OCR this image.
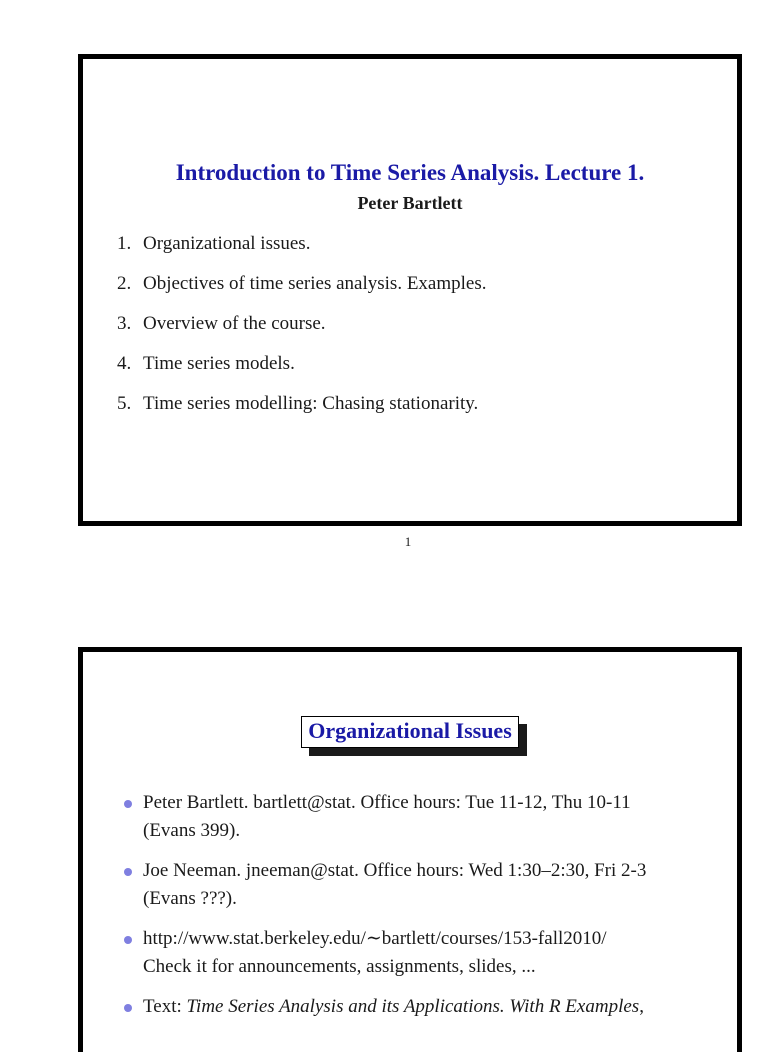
Introduction to Time Series Analysis. Lecture 1.
Peter Bartlett
1. Organizational issues.
2. Objectives of time series analysis. Examples.
3. Overview of the course.
4. Time series models.
5. Time series modelling: Chasing stationarity.
1
Organizational Issues
Peter Bartlett. bartlett@stat. Office hours: Tue 11-12, Thu 10-11
(Evans 399).
Joe Neeman. jneeman@stat. Office hours: Wed 1:30–2:30, Fri 2-3
(Evans ???).
http://www.stat.berkeley.edu/∼bartlett/courses/153-fall2010/
Check it for announcements, assignments, slides, ...
Text: Time Series Analysis and its Applications. With R Examples,
